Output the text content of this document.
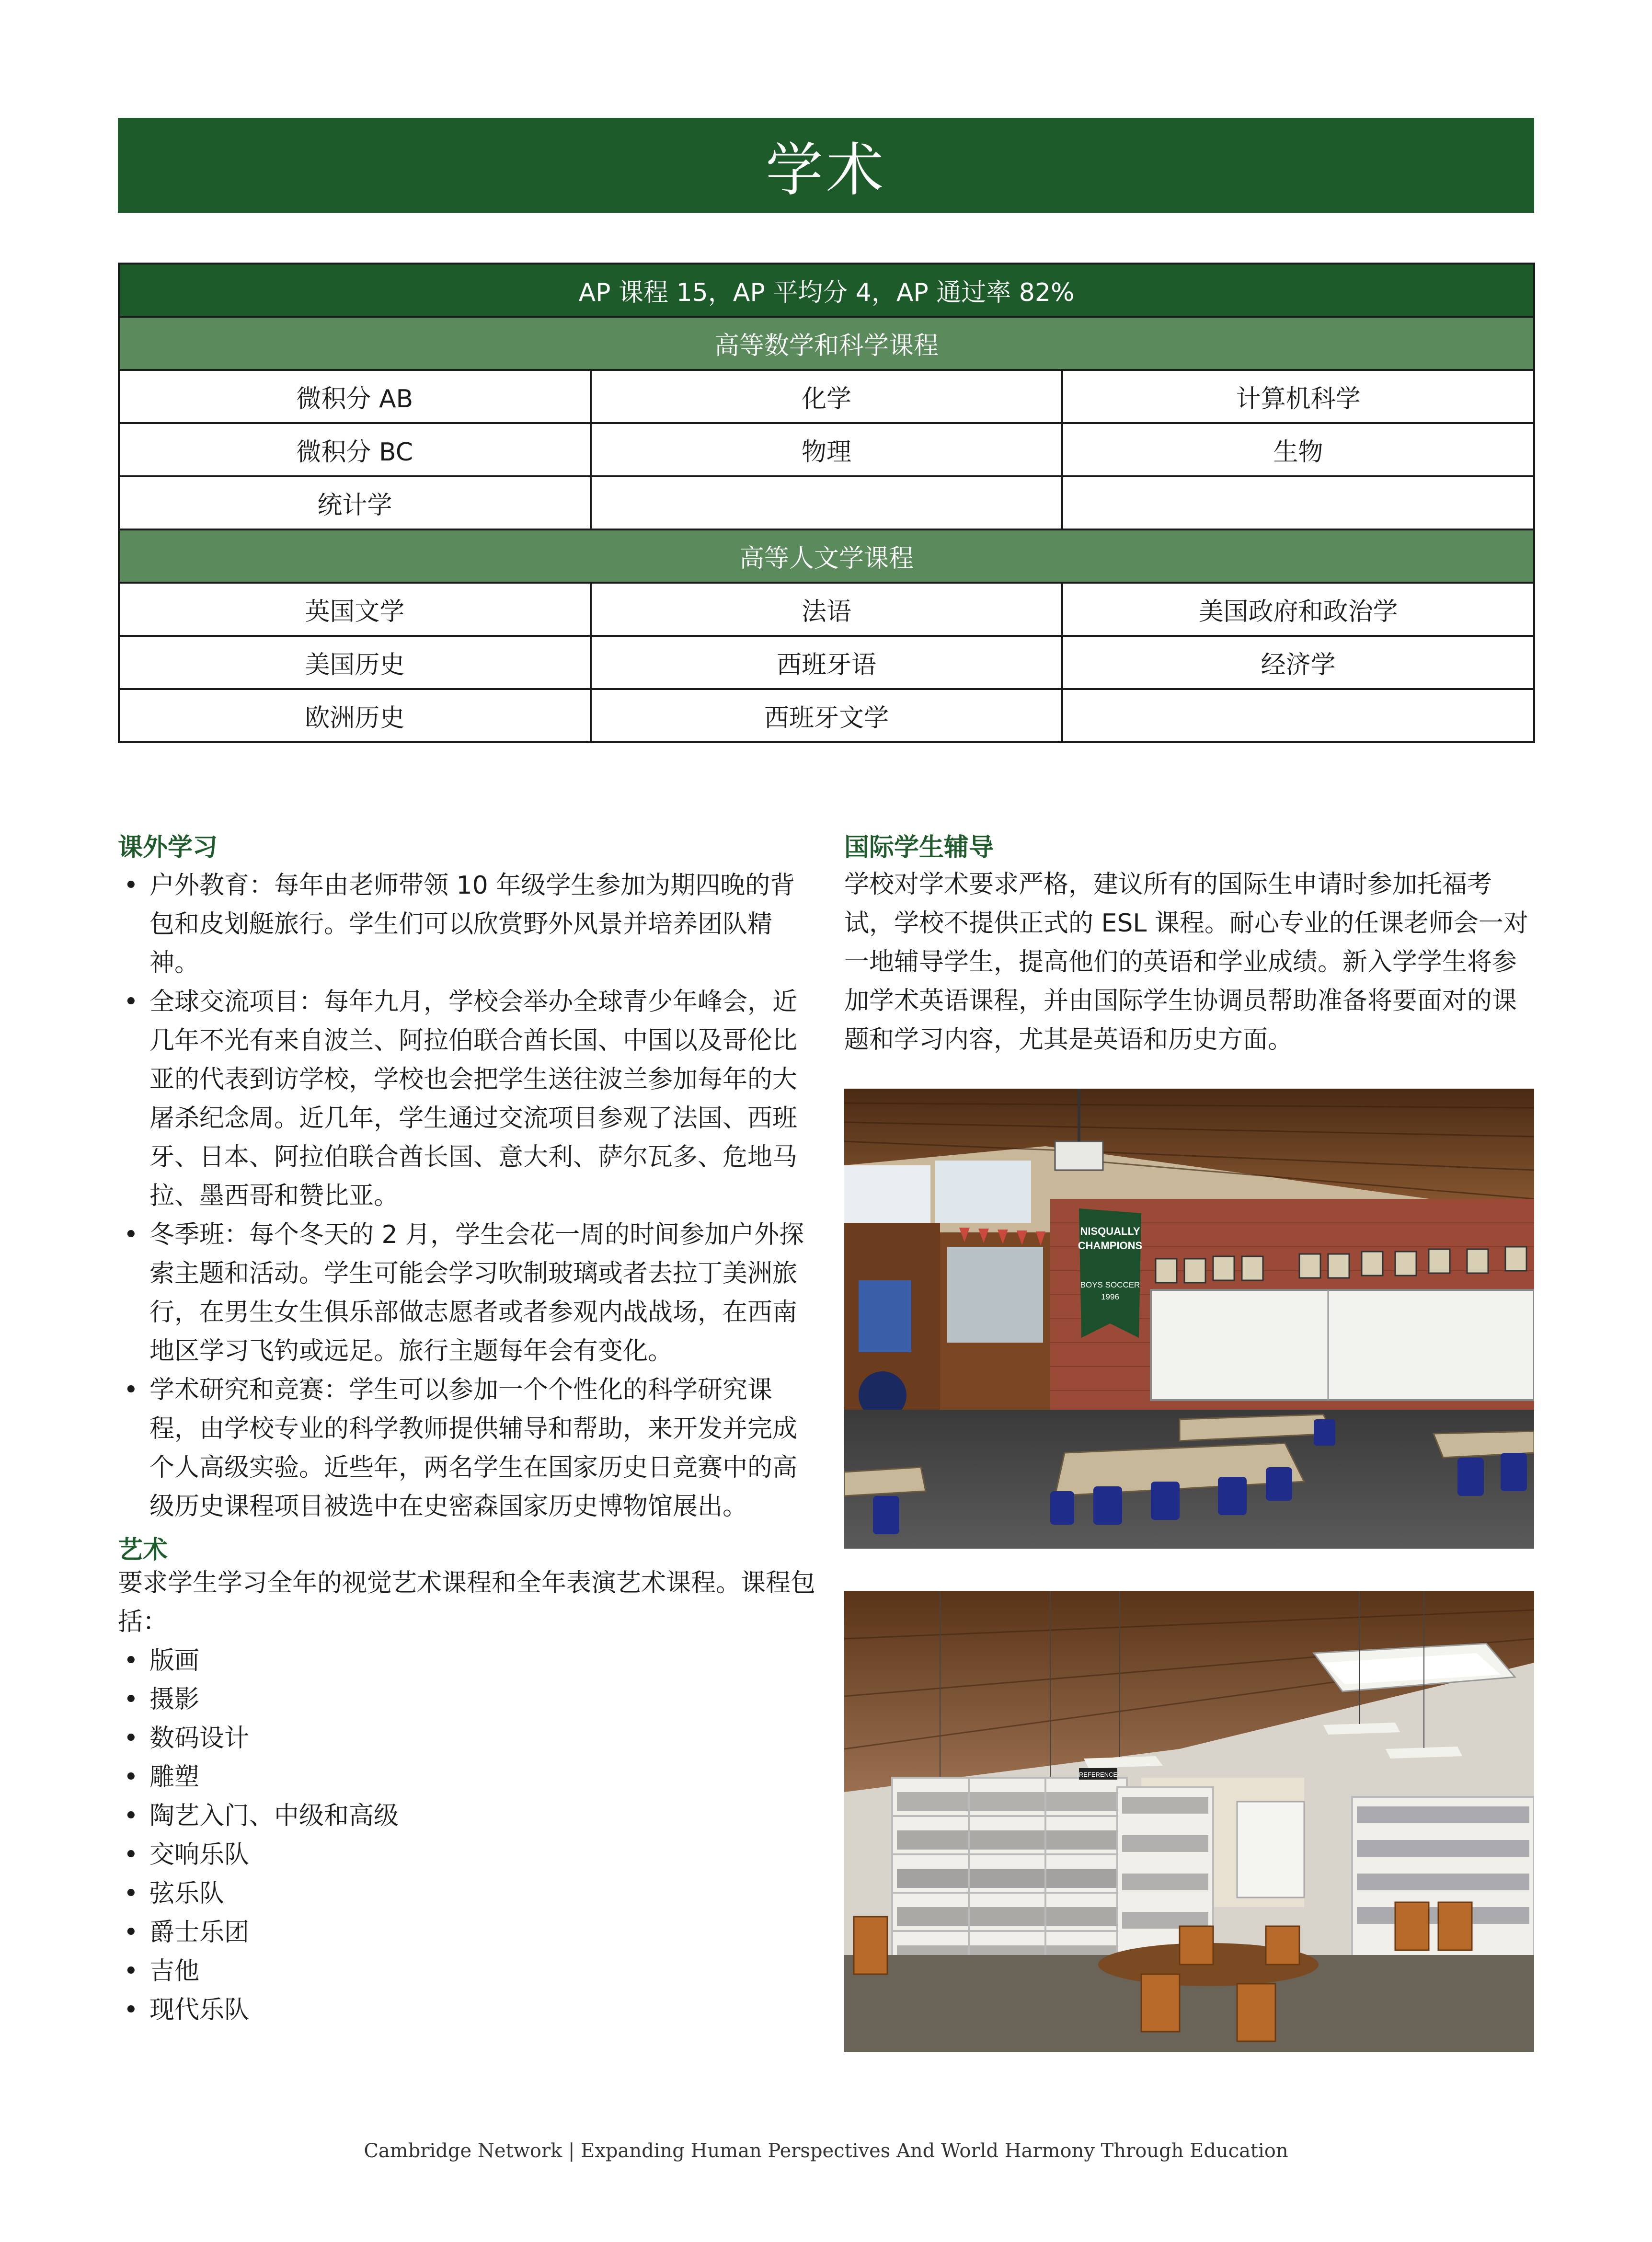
学术
AP 课程 15，AP 平均分 4，AP 通过率 82%		
高等数学和科学课程		
微积分 AB	化学	计算机科学
微积分 BC	物理	生物
统计学		
高等人文学课程		
英国文学	法语	美国政府和政治学
美国历史	西班牙语	经济学
欧洲历史	西班牙文学	
课外学习
• 户外教育：每年由老师带领 10 年级学生参加为期四晚的背包和皮划艇旅行。学生们可以欣赏野外风景并培养团队精神。
• 全球交流项目：每年九月，学校会举办全球青少年峰会，近几年不光有来自波兰、阿拉伯联合酋长国、中国以及哥伦比亚的代表到访学校，学校也会把学生送往波兰参加每年的大屠杀纪念周。近几年，学生通过交流项目参观了法国、西班牙、日本、阿拉伯联合酋长国、意大利、萨尔瓦多、危地马拉、墨西哥和赞比亚。
• 冬季班：每个冬天的 2 月，学生会花一周的时间参加户外探索主题和活动。学生可能会学习吹制玻璃或者去拉丁美洲旅行，在男生女生俱乐部做志愿者或者参观内战战场，在西南地区学习飞钓或远足。旅行主题每年会有变化。
• 学术研究和竞赛：学生可以参加一个个性化的科学研究课程，由学校专业的科学教师提供辅导和帮助，来开发并完成个人高级实验。近些年，两名学生在国家历史日竞赛中的高级历史课程项目被选中在史密森国家历史博物馆展出。
艺术
要求学生学习全年的视觉艺术课程和全年表演艺术课程。课程包括：
• 版画
• 摄影
• 数码设计
• 雕塑
• 陶艺入门、中级和高级
• 交响乐队
• 弦乐队
• 爵士乐团
• 吉他
• 现代乐队
国际学生辅导
学校对学术要求严格，建议所有的国际生申请时参加托福考试，学校不提供正式的 ESL 课程。耐心专业的任课老师会一对一地辅导学生，提高他们的英语和学业成绩。新入学学生将参加学术英语课程，并由国际学生协调员帮助准备将要面对的课题和学习内容，尤其是英语和历史方面。
NISQUALLY
CHAMPIONS
BOYS SOCCER
1996
REFERENCE
Cambridge Network | Expanding Human Perspectives And World Harmony Through Education
